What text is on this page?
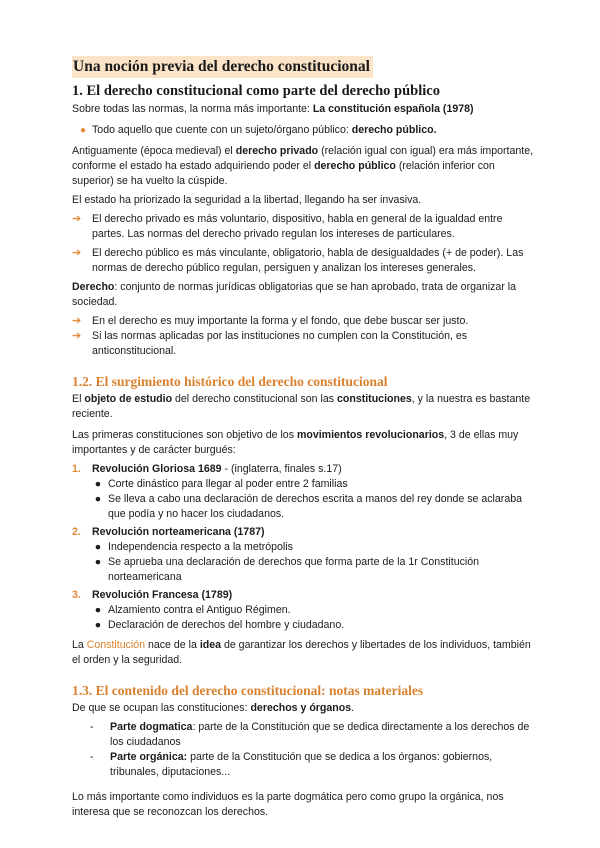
Una noción previa del derecho constitucional
1. El derecho constitucional como parte del derecho público

Sobre todas las normas, la norma más importante: La constitución española (1978)

● Todo aquello que cuente con un sujeto/órgano público: derecho público.

Antiguamente (época medieval) el derecho privado (relación igual con igual) era más importante, conforme el estado ha estado adquiriendo poder el derecho público (relación inferior con superior) se ha vuelto la cúspide.

El estado ha priorizado la seguridad a la libertad, llegando ha ser invasiva.

➔	El derecho privado es más voluntario, dispositivo, habla en general de la igualdad entre partes. Las normas del derecho privado regulan los intereses de particulares.
➔	El derecho público es más vinculante, obligatorio, habla de desigualdades (+ de poder). Las normas de derecho público regulan, persiguen y analizan los intereses generales.

Derecho: conjunto de normas jurídicas obligatorias que se han aprobado, trata de organizar la sociedad.

➔	En el derecho es muy importante la forma y el fondo, que debe buscar ser justo.
➔	Si las normas aplicadas por las instituciones no cumplen con la Constitución, es anticonstitucional.
1.2. El surgimiento histórico del derecho constitucional

El objeto de estudio del derecho constitucional son las constituciones, y la nuestra es bastante reciente.

Las primeras constituciones son objetivo de los movimientos revolucionarios, 3 de ellas muy importantes y de carácter burgués:

1.	Revolución Gloriosa 1689 - (inglaterra, finales s.17)
● Corte dinástico para llegar al poder entre 2 familias
● Se lleva a cabo una declaración de derechos escrita a manos del rey donde se aclaraba que podía y no hacer los ciudadanos.
2.	Revolución norteamericana (1787)
● Independencia respecto a la metrópolis
● Se aprueba una declaración de derechos que forma parte de la 1r Constitución norteamericana
3.	Revolución Francesa (1789)
● Alzamiento contra el Antiguo Régimen.
● Declaración de derechos del hombre y ciudadano.

La Constitución nace de la idea de garantizar los derechos y libertades de los individuos, también el orden y la seguridad.

1.3. El contenido del derecho constitucional: notas materiales

De que se ocupan las constituciones: derechos y órganos.

-	Parte dogmatica: parte de la Constitución que se dedica directamente a los derechos de los ciudadanos
-	Parte orgánica: parte de la Constitución que se dedica a los órganos: gobiernos, tribunales, diputaciones...

Lo más importante como individuos es la parte dogmática pero como grupo la orgánica, nos interesa que se reconozcan los derechos.
